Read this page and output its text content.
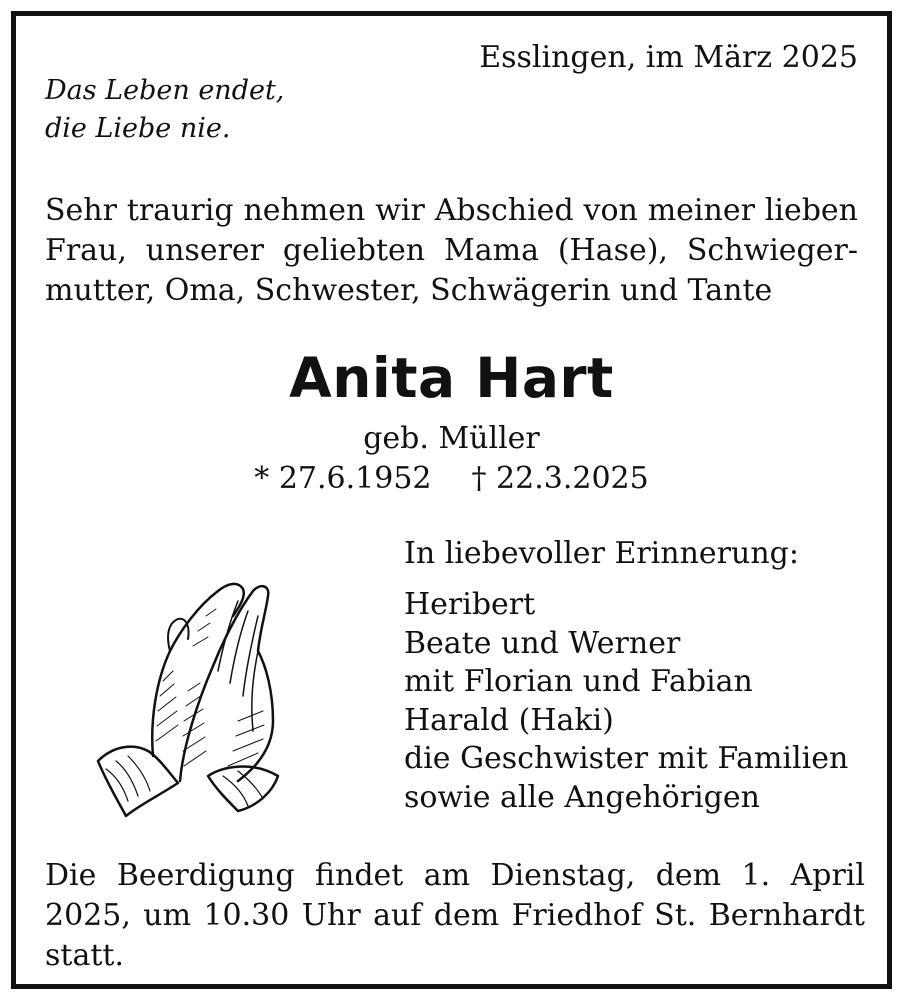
Esslingen, im März 2025
Das Leben endet,
die Liebe nie.
Sehr traurig nehmen wir Abschied von meiner lieben
Frau, unserer geliebten Mama (Hase), Schwieger-
mutter, Oma, Schwester, Schwägerin und Tante
Anita Hart
geb. Müller
* 27.6.1952 † 22.3.2025
In liebevoller Erinnerung:
Heribert
Beate und Werner
mit Florian und Fabian
Harald (Haki)
die Geschwister mit Familien
sowie alle Angehörigen
Die Beerdigung findet am Dienstag, dem 1. April
2025, um 10.30 Uhr auf dem Friedhof St. Bernhardt
statt.
